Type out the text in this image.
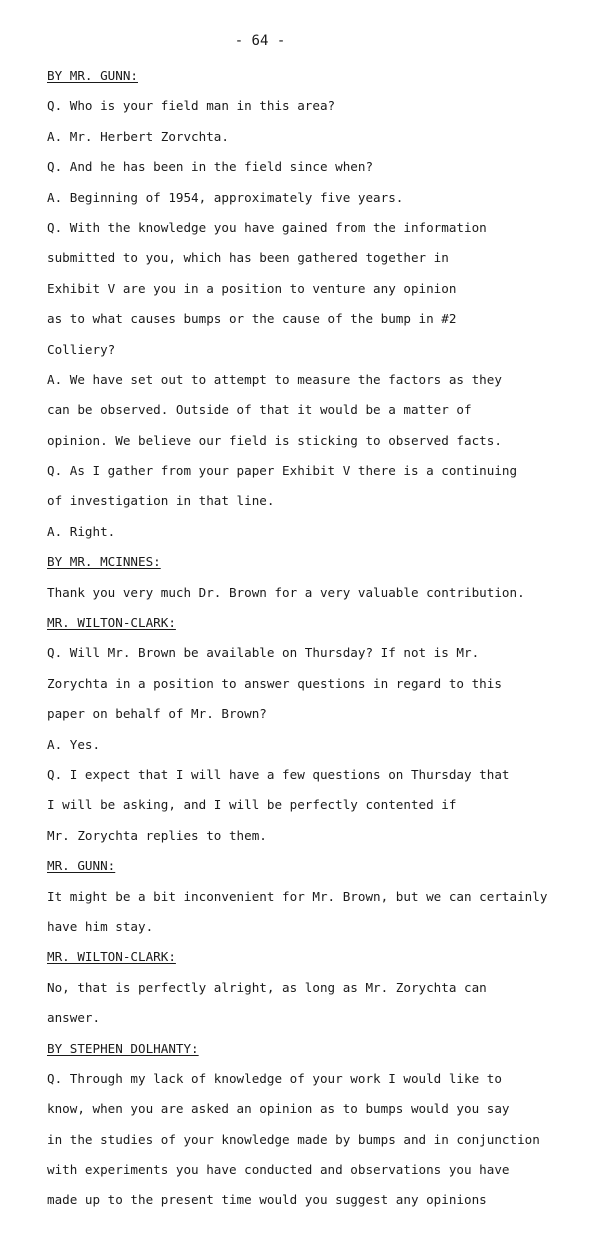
- 64 -
BY MR. GUNN:
Q. Who is your field man in this area?
A. Mr. Herbert Zorvchta.
Q. And he has been in the field since when?
A. Beginning of 1954, approximately five years.
Q. With the knowledge you have gained from the information
submitted to you, which has been gathered together in
Exhibit V are you in a position to venture any opinion
as to what causes bumps or the cause of the bump in #2
Colliery?
A. We have set out to attempt to measure the factors as they
can be observed. Outside of that it would be a matter of
opinion. We believe our field is sticking to observed facts.
Q. As I gather from your paper Exhibit V there is a continuing
of investigation in that line.
A. Right.
BY MR. MCINNES:
Thank you very much Dr. Brown for a very valuable contribution.
MR. WILTON-CLARK:
Q. Will Mr. Brown be available on Thursday? If not is Mr.
Zorychta in a position to answer questions in regard to this
paper on behalf of Mr. Brown?
A. Yes.
Q. I expect that I will have a few questions on Thursday that
I will be asking, and I will be perfectly contented if
Mr. Zorychta replies to them.
MR. GUNN:
It might be a bit inconvenient for Mr. Brown, but we can certainly
have him stay.
MR. WILTON-CLARK:
No, that is perfectly alright, as long as Mr. Zorychta can
answer.
BY STEPHEN DOLHANTY:
Q. Through my lack of knowledge of your work I would like to
know, when you are asked an opinion as to bumps would you say
in the studies of your knowledge made by bumps and in conjunction
with experiments you have conducted and observations you have
made up to the present time would you suggest any opinions
